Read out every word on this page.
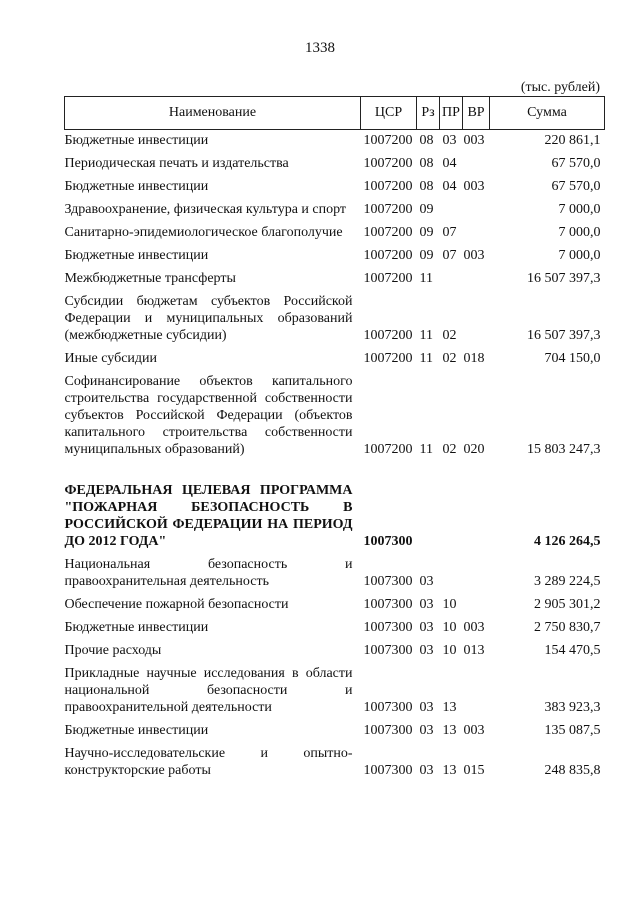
1338
(тыс. рублей)
Наименование	ЦСР	Рз	ПР	ВР	Сумма
Бюджетные инвестиции	1007200	08	03	003	220 861,1
Периодическая печать и издательства	1007200	08	04		67 570,0
Бюджетные инвестиции	1007200	08	04	003	67 570,0
Здравоохранение, физическая культура и спорт	1007200	09			7 000,0
Санитарно-эпидемиологическое благополучие	1007200	09	07		7 000,0
Бюджетные инвестиции	1007200	09	07	003	7 000,0
Межбюджетные трансферты	1007200	11			16 507 397,3
Субсидии бюджетам субъектов Российской Федерации и муниципальных образований (межбюджетные субсидии)	1007200	11	02		16 507 397,3
Иные субсидии	1007200	11	02	018	704 150,0
Софинансирование объектов капитального строительства государственной собственности субъектов Российской Федерации (объектов капитального строительства собственности муниципальных образований)	1007200	11	02	020	15 803 247,3

ФЕДЕРАЛЬНАЯ ЦЕЛЕВАЯ ПРОГРАММА "ПОЖАРНАЯ БЕЗОПАСНОСТЬ В РОССИЙСКОЙ ФЕДЕРАЦИИ НА ПЕРИОД ДО 2012 ГОДА"	1007300				4 126 264,5
Национальная безопасность и правоохранительная деятельность	1007300	03			3 289 224,5
Обеспечение пожарной безопасности	1007300	03	10		2 905 301,2
Бюджетные инвестиции	1007300	03	10	003	2 750 830,7
Прочие расходы	1007300	03	10	013	154 470,5
Прикладные научные исследования в области национальной безопасности и правоохранительной деятельности	1007300	03	13		383 923,3
Бюджетные инвестиции	1007300	03	13	003	135 087,5
Научно-исследовательские и опытно-конструкторские работы	1007300	03	13	015	248 835,8
